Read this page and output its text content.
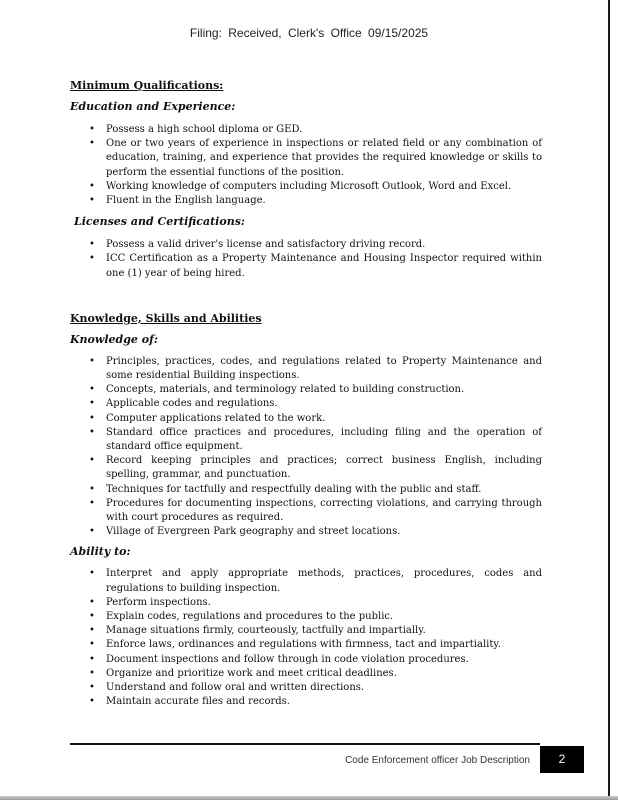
Filing: Received, Clerk's Office 09/15/2025

Minimum Qualifications:

Education and Experience:

• Possess a high school diploma or GED.
• One or two years of experience in inspections or related field or any combination of education, training, and experience that provides the required knowledge or skills to perform the essential functions of the position.
• Working knowledge of computers including Microsoft Outlook, Word and Excel.
• Fluent in the English language.

Licenses and Certifications:

• Possess a valid driver's license and satisfactory driving record.
• ICC Certification as a Property Maintenance and Housing Inspector required within one (1) year of being hired.

Knowledge, Skills and Abilities

Knowledge of:

• Principles, practices, codes, and regulations related to Property Maintenance and some residential Building inspections.
• Concepts, materials, and terminology related to building construction.
• Applicable codes and regulations.
• Computer applications related to the work.
• Standard office practices and procedures, including filing and the operation of standard office equipment.
• Record keeping principles and practices; correct business English, including spelling, grammar, and punctuation.
• Techniques for tactfully and respectfully dealing with the public and staff.
• Procedures for documenting inspections, correcting violations, and carrying through with court procedures as required.
• Village of Evergreen Park geography and street locations.

Ability to:

• Interpret and apply appropriate methods, practices, procedures, codes and regulations to building inspection.
• Perform inspections.
• Explain codes, regulations and procedures to the public.
• Manage situations firmly, courteously, tactfully and impartially.
• Enforce laws, ordinances and regulations with firmness, tact and impartiality.
• Document inspections and follow through in code violation procedures.
• Organize and prioritize work and meet critical deadlines.
• Understand and follow oral and written directions.
• Maintain accurate files and records.
Code Enforcement officer Job Description	2
